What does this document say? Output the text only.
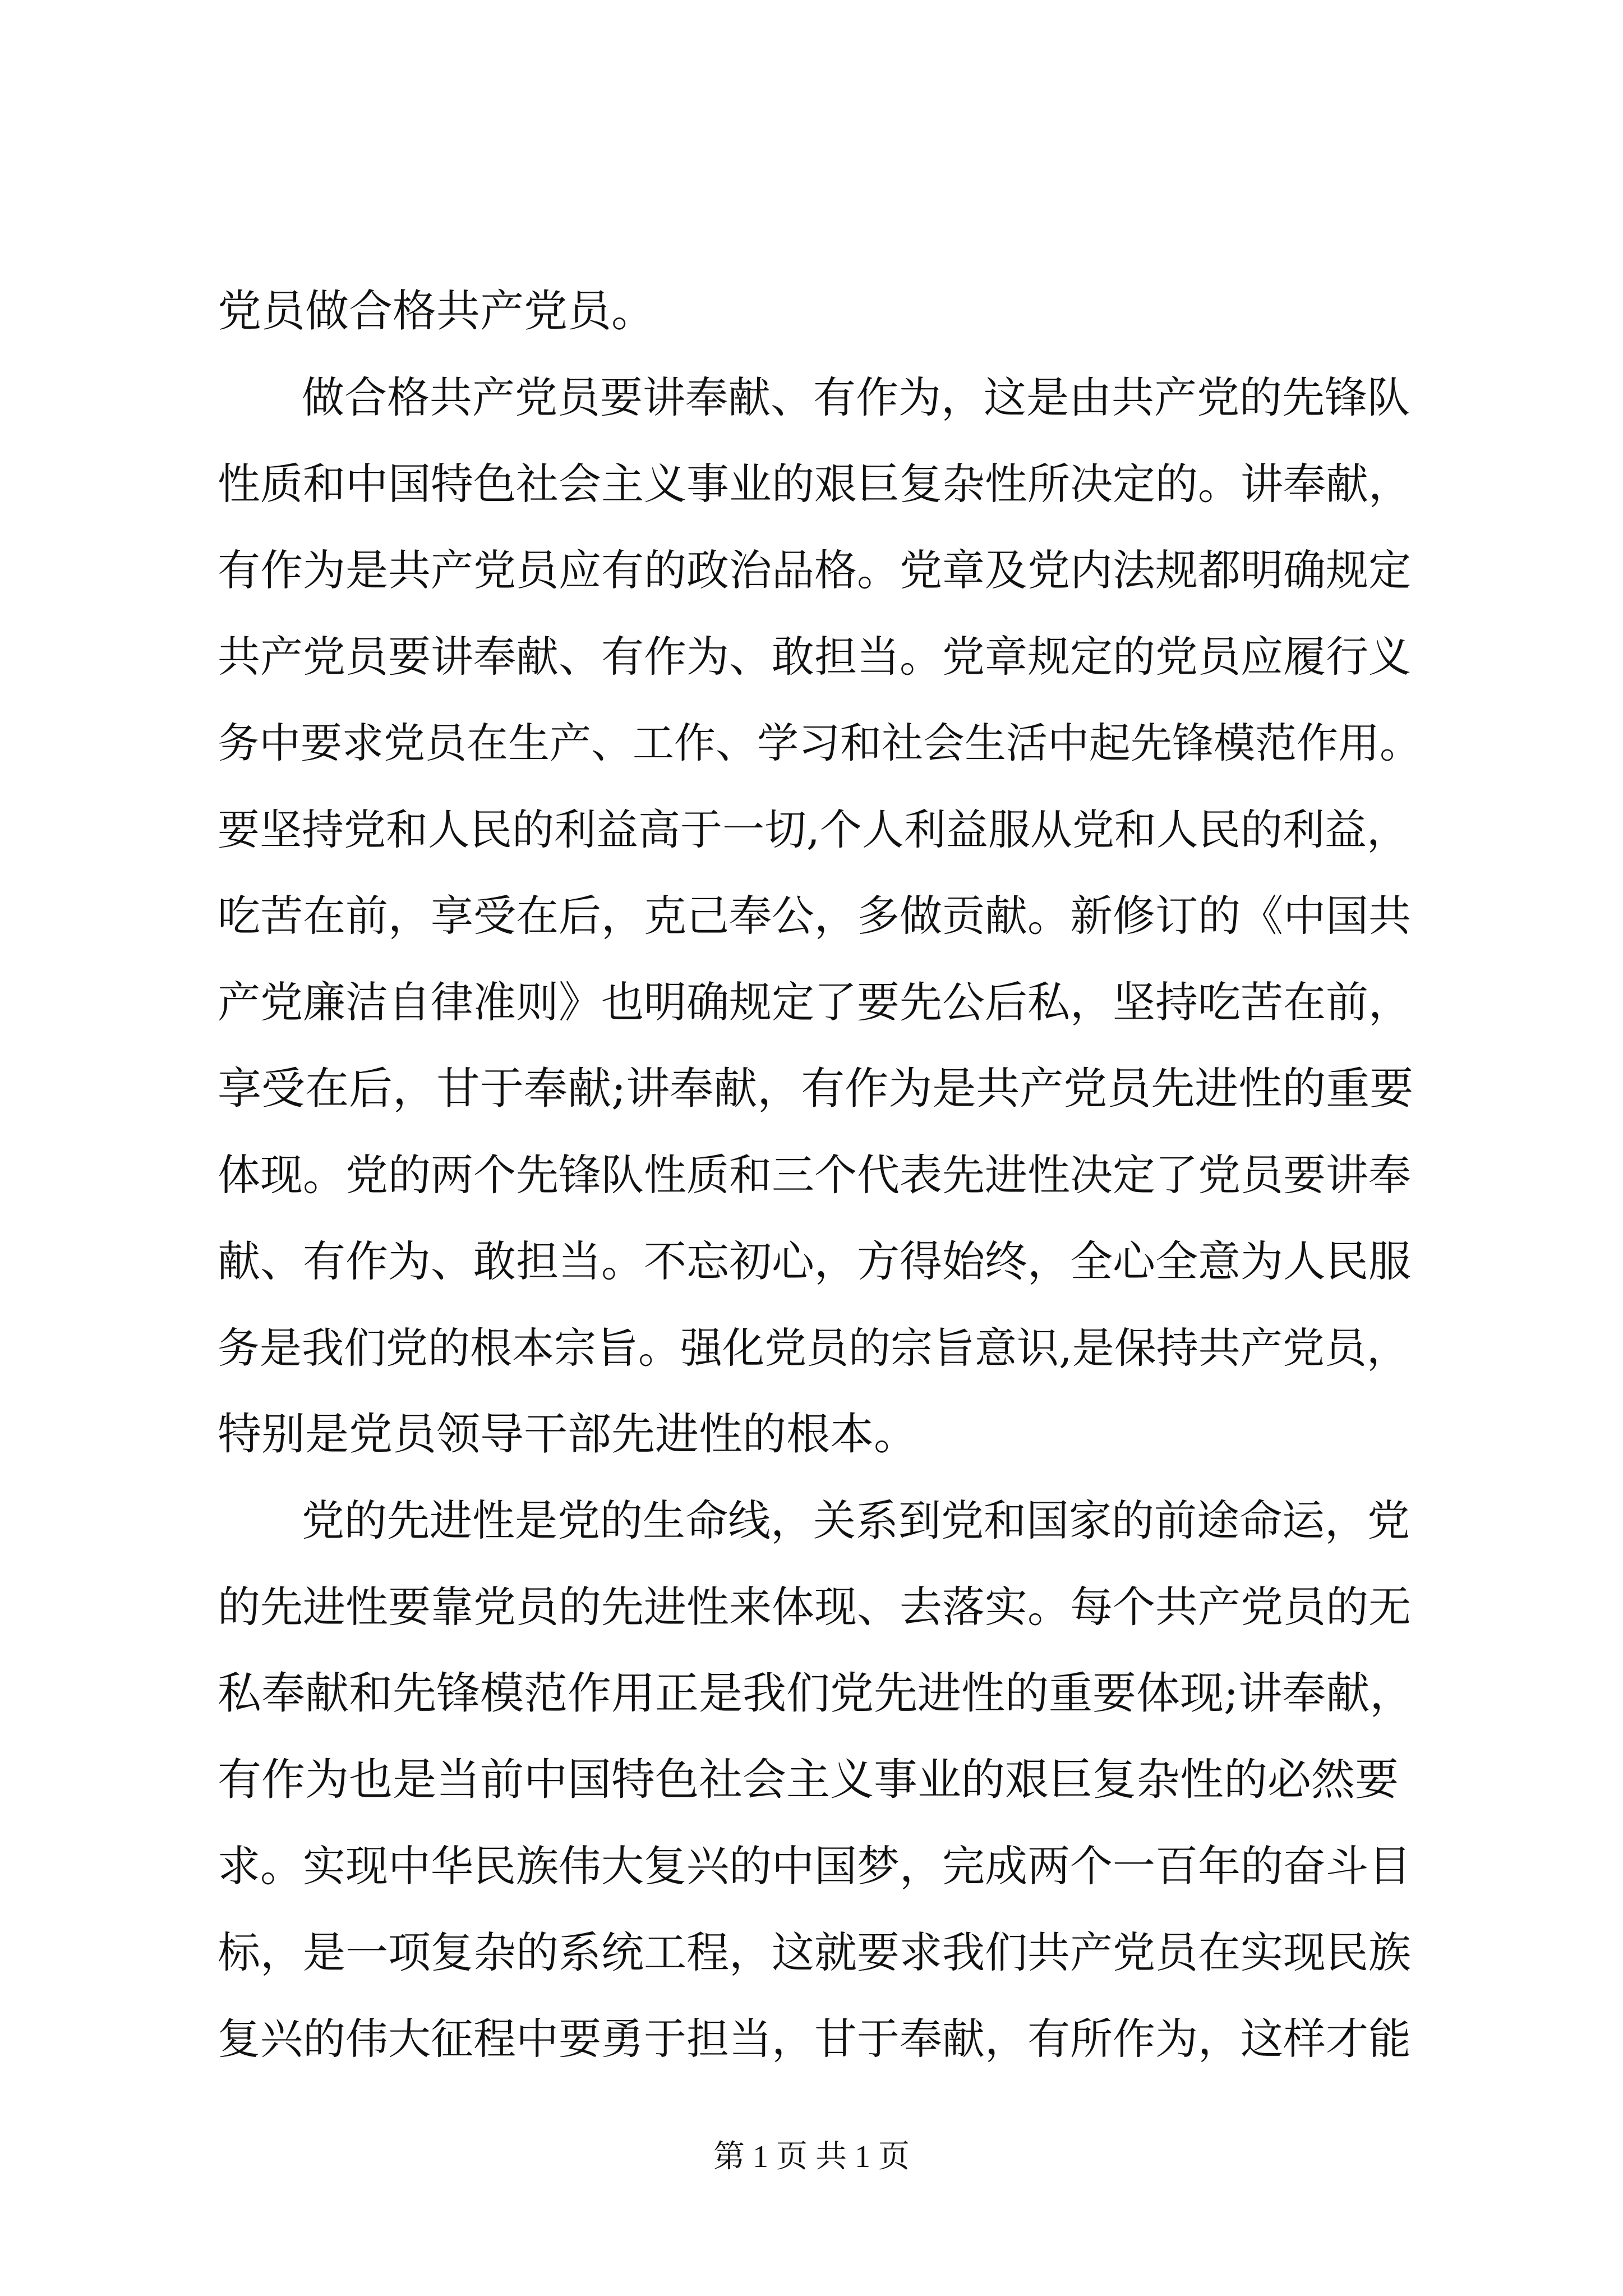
党员做合格共产党员。
做合格共产党员要讲奉献、有作为，这是由共产党的先锋队
性质和中国特色社会主义事业的艰巨复杂性所决定的。讲奉献，
有作为是共产党员应有的政治品格。党章及党内法规都明确规定
共产党员要讲奉献、有作为、敢担当。党章规定的党员应履行义
务中要求党员在生产、工作、学习和社会生活中起先锋模范作用。
要坚持党和人民的利益高于一切,个人利益服从党和人民的利益，
吃苦在前，享受在后，克己奉公，多做贡献。新修订的《中国共
产党廉洁自律准则》也明确规定了要先公后私，坚持吃苦在前，
享受在后，甘于奉献;讲奉献，有作为是共产党员先进性的重要
体现。党的两个先锋队性质和三个代表先进性决定了党员要讲奉
献、有作为、敢担当。不忘初心，方得始终，全心全意为人民服
务是我们党的根本宗旨。强化党员的宗旨意识,是保持共产党员，
特别是党员领导干部先进性的根本。
党的先进性是党的生命线，关系到党和国家的前途命运，党
的先进性要靠党员的先进性来体现、去落实。每个共产党员的无
私奉献和先锋模范作用正是我们党先进性的重要体现;讲奉献，
有作为也是当前中国特色社会主义事业的艰巨复杂性的必然要
求。实现中华民族伟大复兴的中国梦，完成两个一百年的奋斗目
标，是一项复杂的系统工程，这就要求我们共产党员在实现民族
复兴的伟大征程中要勇于担当，甘于奉献，有所作为，这样才能
第 1 页 共 1 页
